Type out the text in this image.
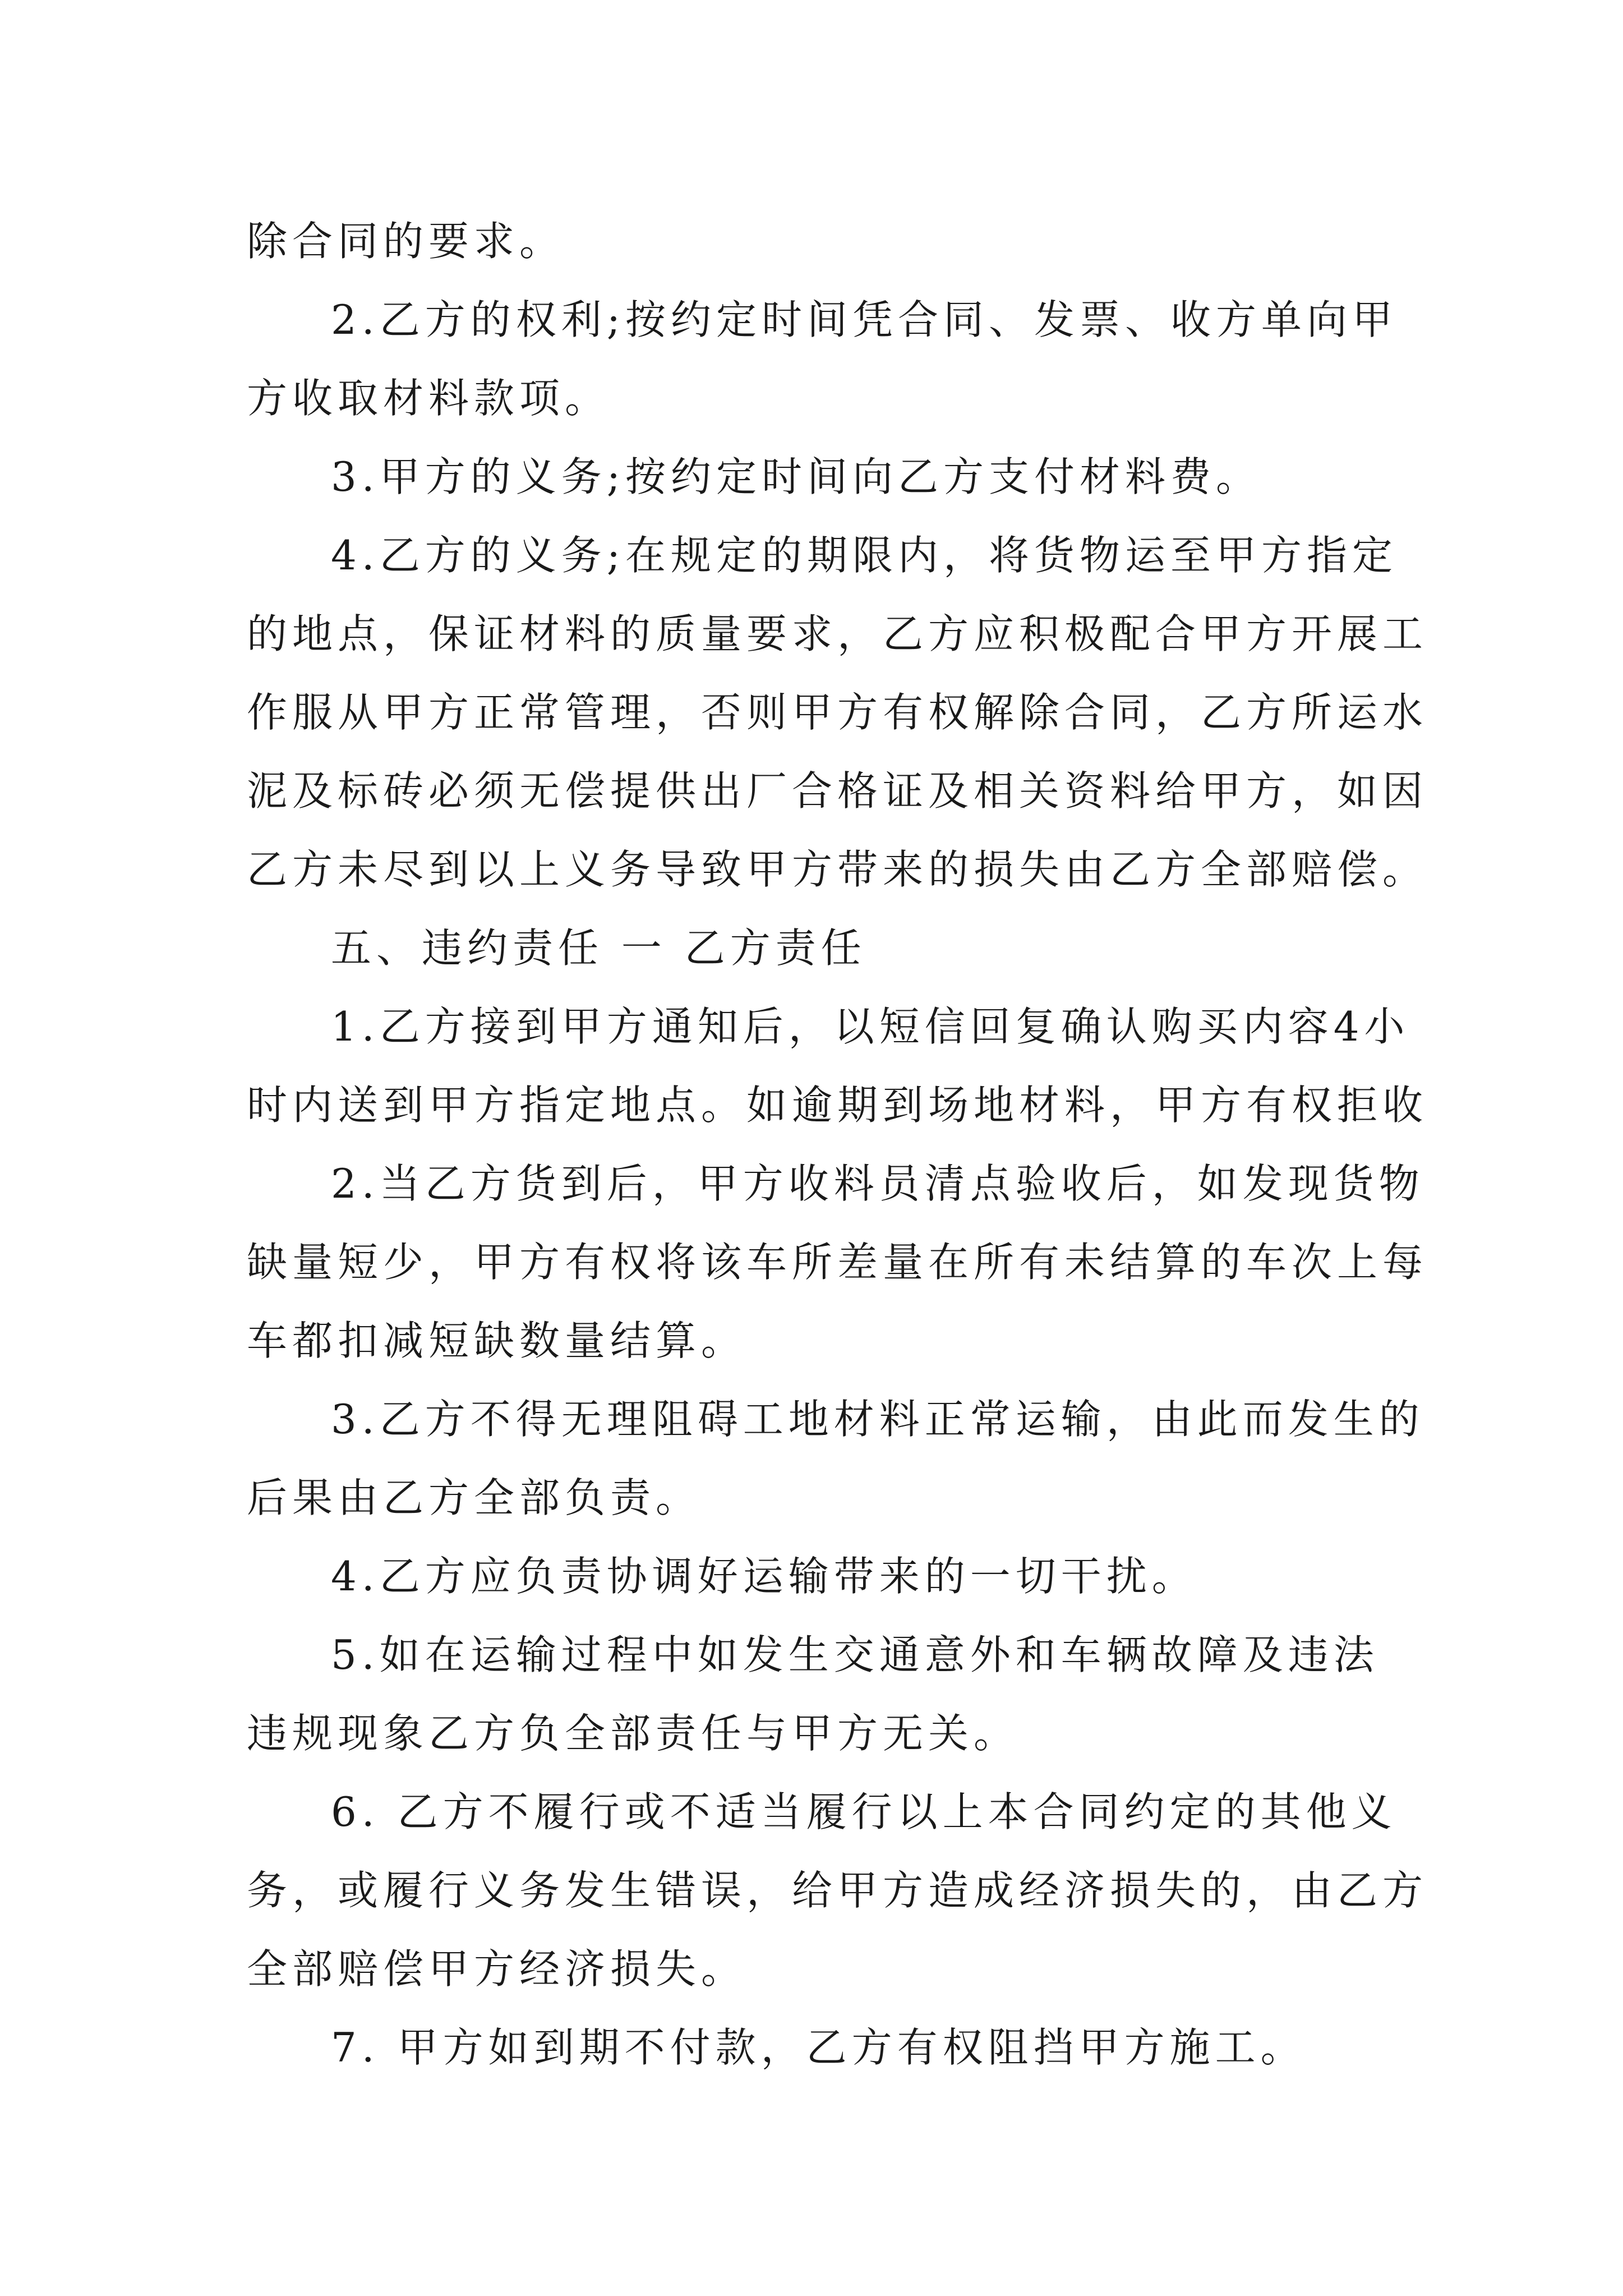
除合同的要求。
2.乙方的权利;按约定时间凭合同、发票、收方单向甲
方收取材料款项。
3.甲方的义务;按约定时间向乙方支付材料费。
4.乙方的义务;在规定的期限内，将货物运至甲方指定
的地点，保证材料的质量要求，乙方应积极配合甲方开展工
作服从甲方正常管理，否则甲方有权解除合同，乙方所运水
泥及标砖必须无偿提供出厂合格证及相关资料给甲方，如因
乙方未尽到以上义务导致甲方带来的损失由乙方全部赔偿。
五、违约责任 一 乙方责任
1.乙方接到甲方通知后，以短信回复确认购买内容4小
时内送到甲方指定地点。如逾期到场地材料，甲方有权拒收
2.当乙方货到后，甲方收料员清点验收后，如发现货物
缺量短少，甲方有权将该车所差量在所有未结算的车次上每
车都扣减短缺数量结算。
3.乙方不得无理阻碍工地材料正常运输，由此而发生的
后果由乙方全部负责。
4.乙方应负责协调好运输带来的一切干扰。
5.如在运输过程中如发生交通意外和车辆故障及违法
违规现象乙方负全部责任与甲方无关。
6. 乙方不履行或不适当履行以上本合同约定的其他义
务，或履行义务发生错误，给甲方造成经济损失的，由乙方
全部赔偿甲方经济损失。
7. 甲方如到期不付款，乙方有权阻挡甲方施工。
